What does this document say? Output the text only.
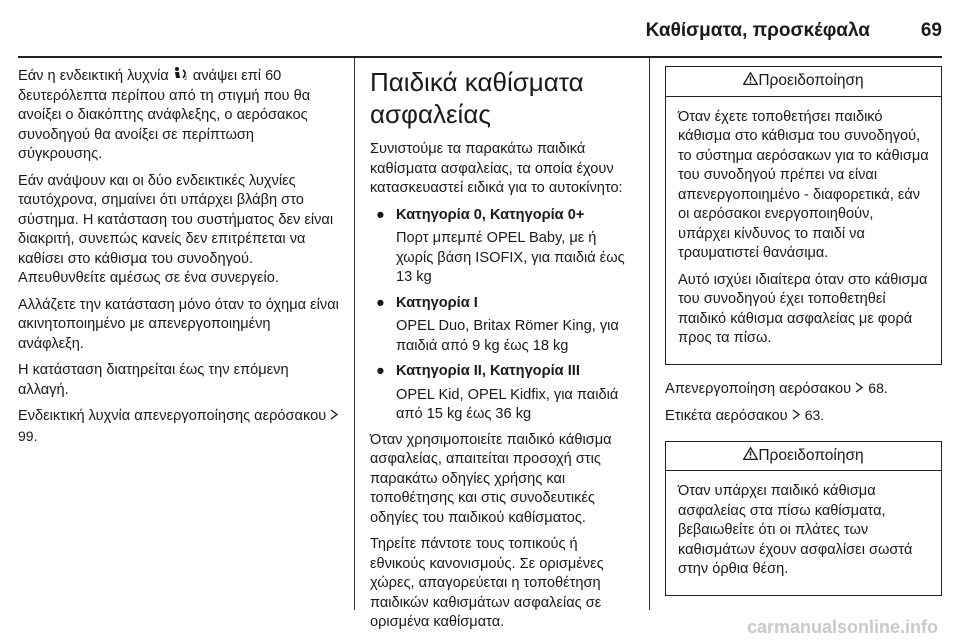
Καθίσματα, προσκέφαλα	69

Εάν η ενδεικτική λυχνία 2 ανάψει επί 60 δευτερόλεπτα περίπου από τη στιγμή που θα ανοίξει ο διακόπτης ανάφλεξης, ο αερόσακος συνοδηγού θα ανοίξει σε περίπτωση σύγκρουσης.

Εάν ανάψουν και οι δύο ενδεικτικές λυχνίες ταυτόχρονα, σημαίνει ότι υπάρχει βλάβη στο σύστημα. Η κατάσταση του συστήματος δεν είναι διακριτή, συνεπώς κανείς δεν επιτρέπεται να καθίσει στο κάθισμα του συνοδηγού. Απευθυνθείτε αμέσως σε ένα συνεργείο.

Αλλάζετε την κατάσταση μόνο όταν το όχημα είναι ακινητοποιημένο με απενεργοποιημένη ανάφλεξη.

Η κατάσταση διατηρείται έως την επόμενη αλλαγή.

Ενδεικτική λυχνία απενεργοποίησης αερόσακου  99.

Παιδικά καθίσματα ασφαλείας

Συνιστούμε τα παρακάτω παιδικά καθίσματα ασφαλείας, τα οποία έχουν κατασκευαστεί ειδικά για το αυτοκίνητο:

● Κατηγορία 0, Κατηγορία 0+
Πορτ μπεμπέ OPEL Baby, με ή χωρίς βάση ISOFIX, για παιδιά έως 13 kg
● Κατηγορία I
OPEL Duo, Britax Römer King, για παιδιά από 9 kg έως 18 kg
● Κατηγορία II, Κατηγορία III
OPEL Kid, OPEL Kidfix, για παιδιά από 15 kg έως 36 kg

Όταν χρησιμοποιείτε παιδικό κάθισμα ασφαλείας, απαιτείται προσοχή στις παρακάτω οδηγίες χρήσης και τοποθέτησης και στις συνοδευτικές οδηγίες του παιδικού καθίσματος.

Τηρείτε πάντοτε τους τοπικούς ή εθνικούς κανονισμούς. Σε ορισμένες χώρες, απαγορεύεται η τοποθέτηση παιδικών καθισμάτων ασφαλείας σε ορισμένα καθίσματα.

Προειδοποίηση

Όταν έχετε τοποθετήσει παιδικό κάθισμα στο κάθισμα του συνοδηγού, το σύστημα αερόσακων για το κάθισμα του συνοδηγού πρέπει να είναι απενεργοποιημένο - διαφορετικά, εάν οι αερόσακοι ενεργοποιηθούν, υπάρχει κίνδυνος το παιδί να τραυματιστεί θανάσιμα.

Αυτό ισχύει ιδιαίτερα όταν στο κάθισμα του συνοδηγού έχει τοποθετηθεί παιδικό κάθισμα ασφαλείας με φορά προς τα πίσω.

Απενεργοποίηση αερόσακου  68.

Ετικέτα αερόσακου  63.

Προειδοποίηση

Όταν υπάρχει παιδικό κάθισμα ασφαλείας στα πίσω καθίσματα, βεβαιωθείτε ότι οι πλάτες των καθισμάτων έχουν ασφαλίσει σωστά στην όρθια θέση.

carmanualsonline.info
